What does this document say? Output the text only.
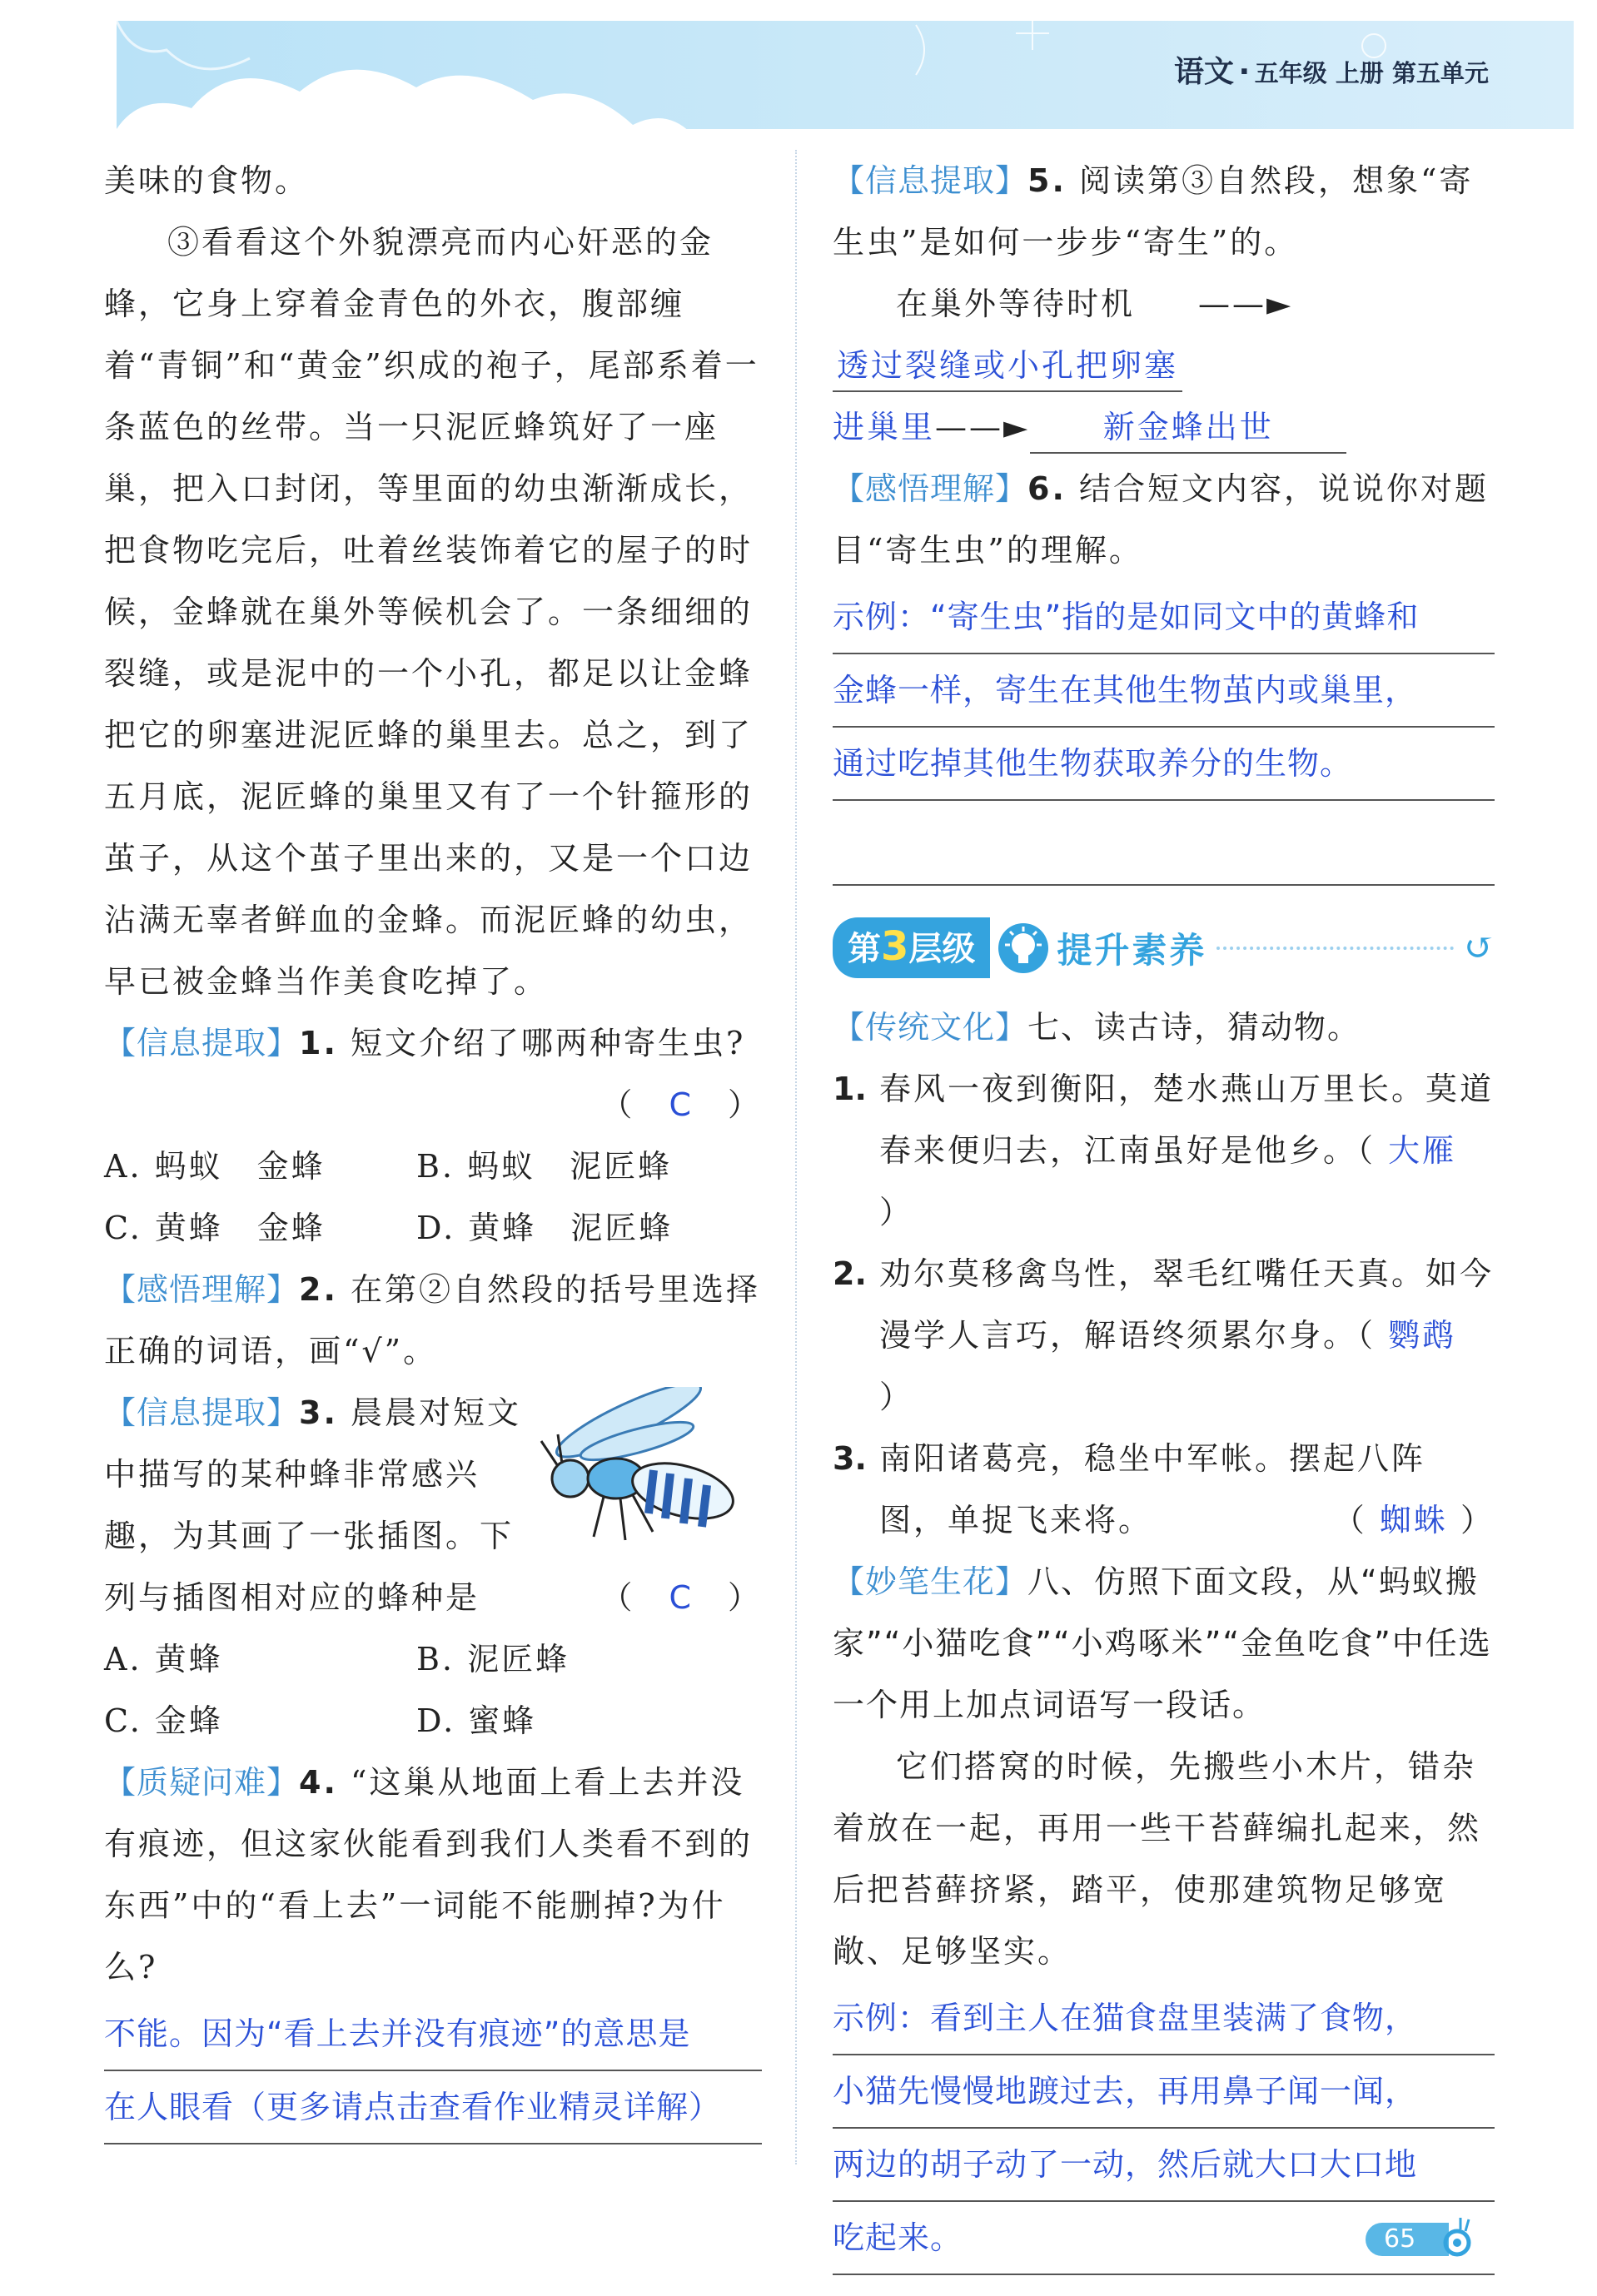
语文 · 五年级 上册 第五单元

美味的食物。

③看看这个外貌漂亮而内心奸恶的金蜂，它身上穿着金青色的外衣，腹部缠着“青铜”和“黄金”织成的袍子，尾部系着一条蓝色的丝带。当一只泥匠蜂筑好了一座巢，把入口封闭，等里面的幼虫渐渐成长，把食物吃完后，吐着丝装饰着它的屋子的时候，金蜂就在巢外等候机会了。一条细细的裂缝，或是泥中的一个小孔，都足以让金蜂把它的卵塞进泥匠蜂的巢里去。总之，到了五月底，泥匠蜂的巢里又有了一个针箍形的茧子，从这个茧子里出来的，又是一个口边沾满无辜者鲜血的金蜂。而泥匠蜂的幼虫，早已被金蜂当作美食吃掉了。

【信息提取】1. 短文介绍了哪两种寄生虫?

（　C　）

A. 蚂蚁　金蜂	B. 蚂蚁　泥匠蜂
C. 黄蜂　金蜂	D. 黄蜂　泥匠蜂

【感悟理解】2. 在第②自然段的括号里选择正确的词语，画“√”。

【信息提取】3. 晨晨对短文中描写的某种蜂非常感兴趣，为其画了一张插图。下列与插图相对应的蜂种是	（　C　）

A. 黄蜂	B. 泥匠蜂
C. 金蜂	D. 蜜蜂

【质疑问难】4. “这巢从地面上看上去并没有痕迹，但这家伙能看到我们人类看不到的东西”中的“看上去”一词能不能删掉?为什么?

不能。因为“看上去并没有痕迹”的意思是
在人眼看（更多请点击查看作业精灵详解）

【信息提取】5. 阅读第③自然段，想象“寄生虫”是如何一步步“寄生”的。

在巢外等待时机 ——►透过裂缝或小孔把卵塞

进巢里——► 新金蜂出世

【感悟理解】6. 结合短文内容，说说你对题目“寄生虫”的理解。

示例：“寄生虫”指的是如同文中的黄蜂和
金蜂一样，寄生在其他生物茧内或巢里，
通过吃掉其他生物获取养分的生物。
第3层级	提升素养	↺

【传统文化】七、读古诗，猜动物。

1. 春风一夜到衡阳，楚水燕山万里长。莫道
春来便归去，江南虽好是他乡。（ 大雁 ）
2. 劝尔莫移禽鸟性，翠毛红嘴任天真。如今
漫学人言巧，解语终须累尔身。（ 鹦鹉 ）
3. 南阳诸葛亮，稳坐中军帐。摆起八阵
图，单捉飞来将。	（ 蜘蛛 ）

【妙笔生花】八、仿照下面文段，从“蚂蚁搬家”“小猫吃食”“小鸡啄米”“金鱼吃食”中任选一个用上加点词语写一段话。

它们搭窝的时候，先搬些小木片，错杂着放在一起，再用一些干苔藓编扎起来，然后把苔藓挤紧，踏平，使那建筑物足够宽敞、足够坚实。

示例：看到主人在猫食盘里装满了食物，
小猫先慢慢地踱过去，再用鼻子闻一闻，
两边的胡子动了一动，然后就大口大口地
吃起来。	65
